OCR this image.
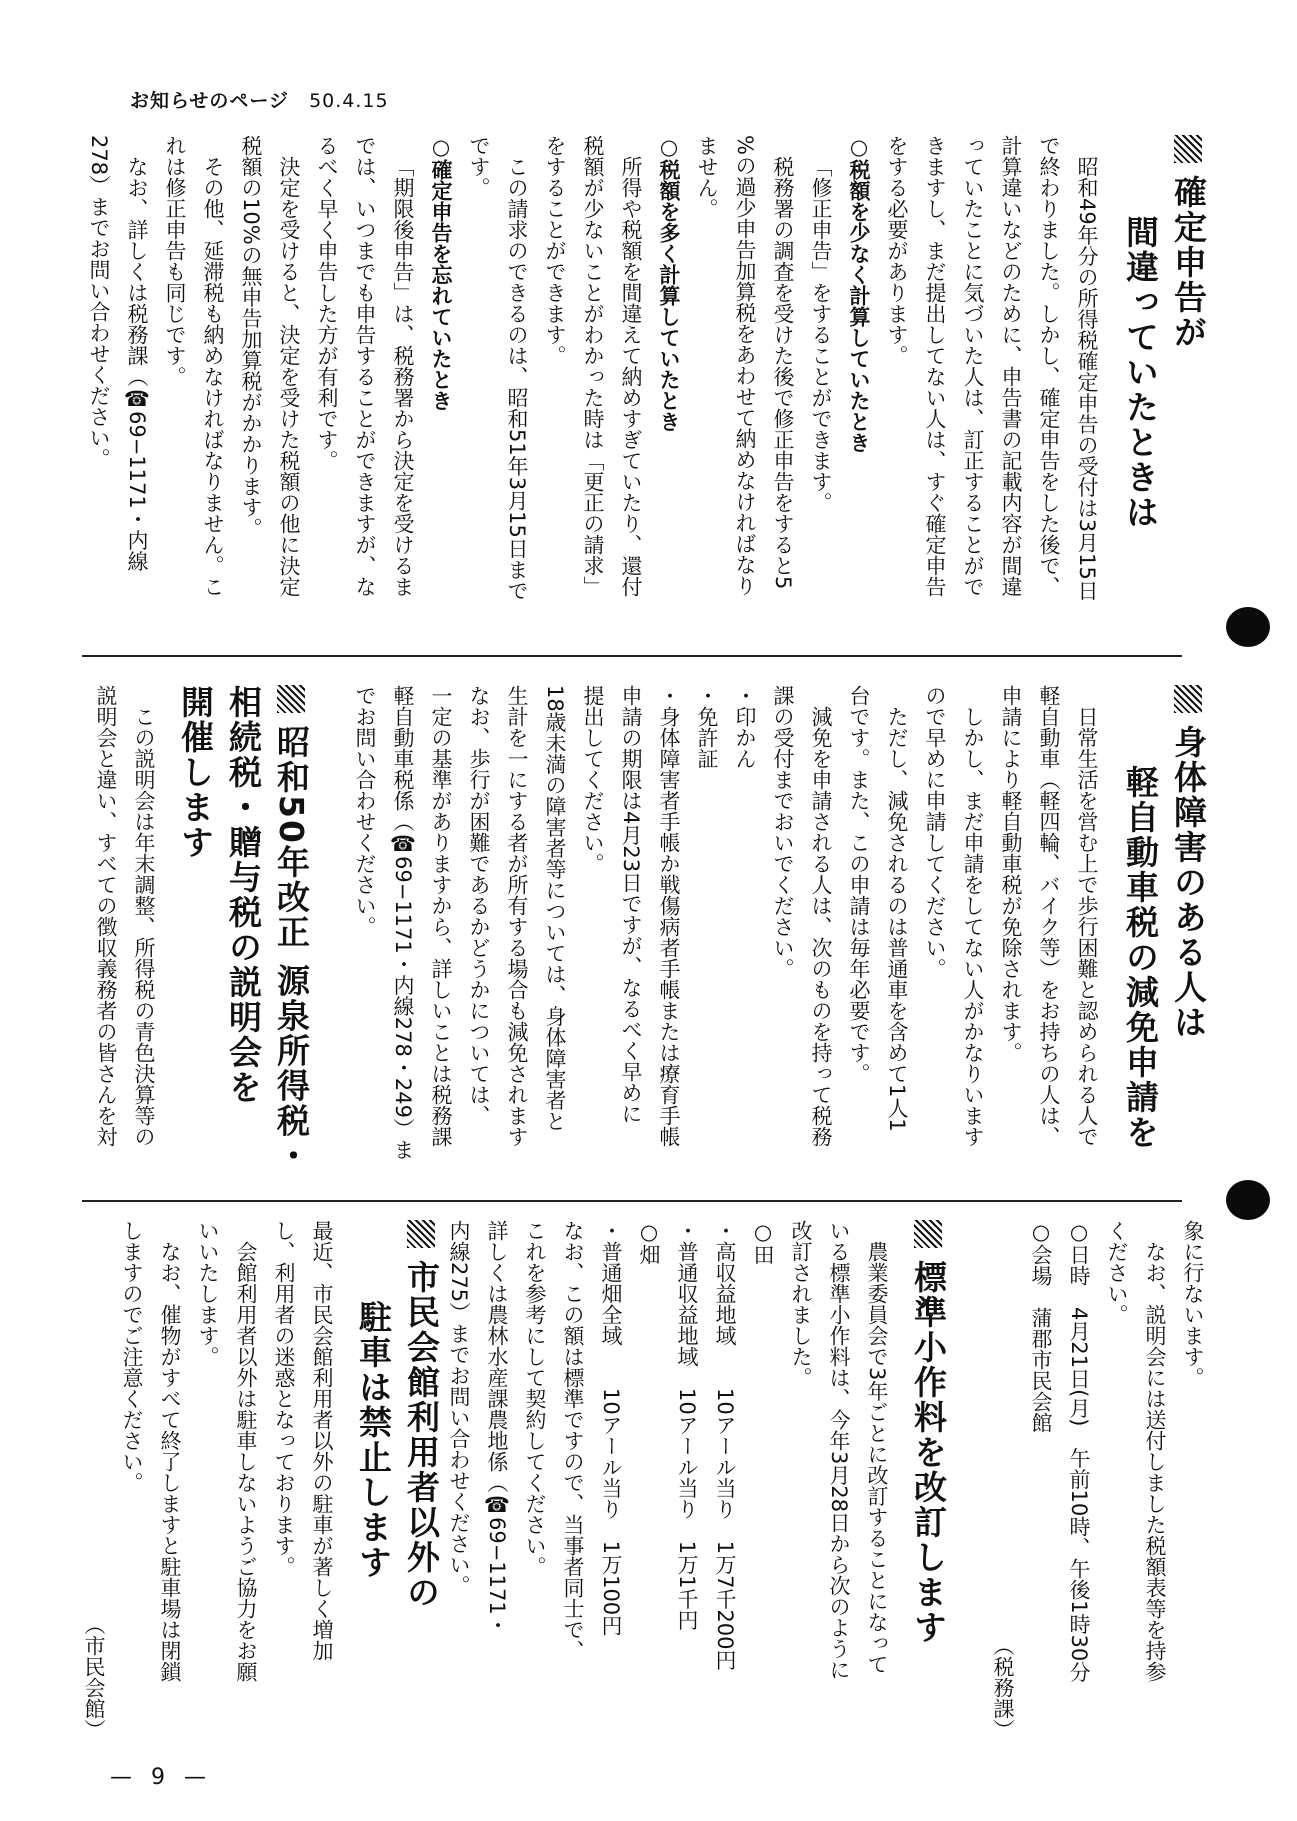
お知らせのページ 50.4.15

確定申告が

間違っていたときは

昭和49年分の所得税確定申告の受付は3月15日

で終わりました。しかし、確定申告をした後で、

計算違いなどのために、申告書の記載内容が間違

っていたことに気づいた人は、訂正することがで

きますし、まだ提出してない人は、すぐ確定申告

をする必要があります。

○税額を少なく計算していたとき

「修正申告」をすることができます。

税務署の調査を受けた後で修正申告をすると5

%の過少申告加算税をあわせて納めなければなり

ません。

○税額を多く計算していたとき

所得や税額を間違えて納めすぎていたり、還付

税額が少ないことがわかった時は「更正の請求」

をすることができます。

この請求のできるのは、昭和51年3月15日まで

です。

○確定申告を忘れていたとき

「期限後申告」は、税務署から決定を受けるま

では、いつまでも申告することができますが、な

るべく早く申告した方が有利です。

決定を受けると、決定を受けた税額の他に決定

税額の10%の無申告加算税がかかります。

その他、延滞税も納めなければなりません。こ

れは修正申告も同じです。

なお、詳しくは税務課（☎69−1171・内線

278）までお問い合わせください。

身体障害のある人は

軽自動車税の減免申請を

日常生活を営む上で歩行困難と認められる人で

軽自動車（軽四輪、バイク等）をお持ちの人は、

申請により軽自動車税が免除されます。

しかし、まだ申請をしてない人がかなりいます

ので早めに申請してください。

ただし、減免されるのは普通車を含めて1人1

台です。また、この申請は毎年必要です。

減免を申請される人は、次のものを持って税務

課の受付までおいでください。

・印かん

・免許証

・身体障害者手帳か戦傷病者手帳または療育手帳

申請の期限は4月23日ですが、なるべく早めに

提出してください。

18歳未満の障害者等については、身体障害者と

生計を一にする者が所有する場合も減免されます

なお、歩行が困難であるかどうかについては、

一定の基準がありますから、詳しいことは税務課

軽自動車税係（☎69−1171・内線278・249）ま

でお問い合わせください。

昭和50年改正 源泉所得税・

相続税・贈与税の説明会を

開催します

この説明会は年末調整、所得税の青色決算等の

説明会と違い、すべての徴収義務者の皆さんを対

象に行ないます。

なお、説明会には送付しました税額表等を持参

ください。

○日時　4月21日(月)　午前10時、午後1時30分

○会場　蒲郡市民会館

（税務課）

標準小作料を改訂します

農業委員会で3年ごとに改訂することになって

いる標準小作料は、今年3月28日から次のように

改訂されました。

○田

・高収益地域　　10アール当り　1万7千200円

・普通収益地域　10アール当り　1万1千円

○畑

・普通畑全域　　10アール当り　1万100円

なお、この額は標準ですので、当事者同士で、

これを参考にして契約してください。

詳しくは農林水産課農地係（☎69−1171・

内線275）までお問い合わせください。

市民会館利用者以外の

駐車は禁止します

最近、市民会館利用者以外の駐車が著しく増加

し、利用者の迷惑となっております。

会館利用者以外は駐車しないようご協力をお願

いいたします。

なお、催物がすべて終了しますと駐車場は閉鎖

しますのでご注意ください。

（市民会館）

— 9 —
